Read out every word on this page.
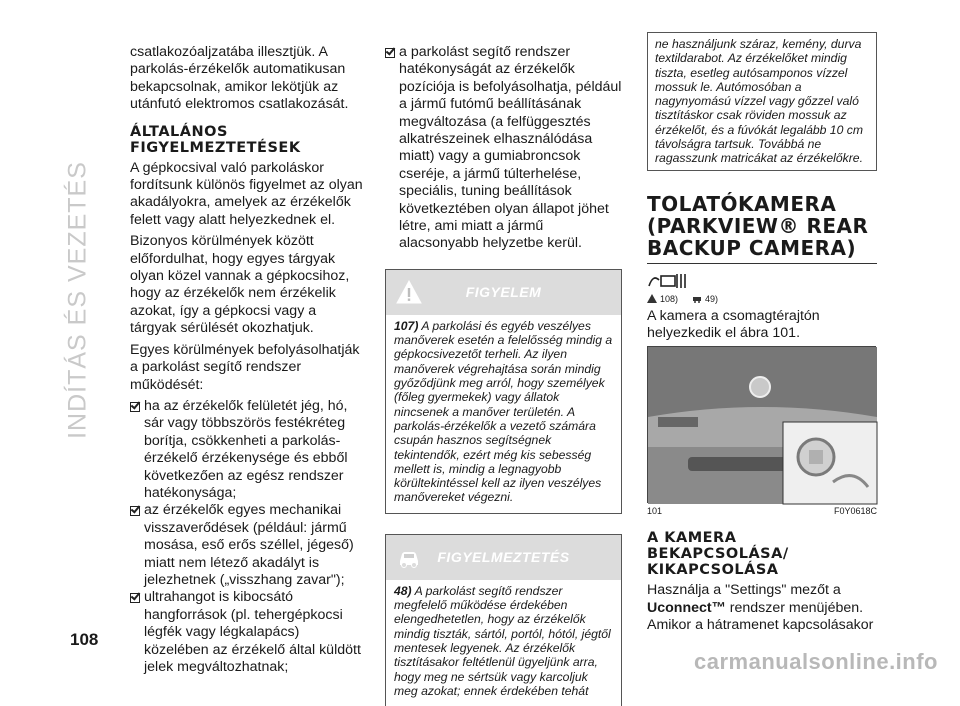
INDÍTÁS ÉS VEZETÉS

csatlakozóaljzatába illesztjük. A parkolás-érzékelők automatikusan bekapcsolnak, amikor lekötjük az utánfutó elektromos csatlakozását.

ÁLTALÁNOS FIGYELMEZTETÉSEK

A gépkocsival való parkoláskor fordítsunk különös figyelmet az olyan akadályokra, amelyek az érzékelők felett vagy alatt helyezkednek el.

Bizonyos körülmények között előfordulhat, hogy egyes tárgyak olyan közel vannak a gépkocsihoz, hogy az érzékelők nem érzékelik azokat, így a gépkocsi vagy a tárgyak sérülését okozhatjuk.

Egyes körülmények befolyásolhatják a parkolást segítő rendszer működését:

ha az érzékelők felületét jég, hó, sár vagy többszörös festékréteg borítja, csökkenheti a parkolás-érzékelő érzékenysége és ebből következően az egész rendszer hatékonysága;

az érzékelők egyes mechanikai visszaverődések (például: jármű mosása, eső erős széllel, jégeső) miatt nem létező akadályt is jelezhetnek („visszhang zavar");

ultrahangot is kibocsátó hangforrások (pl. tehergépkocsi légfék vagy légkalapács) közelében az érzékelő által küldött jelek megváltozhatnak;

a parkolást segítő rendszer hatékonyságát az érzékelők pozíciója is befolyásolhatja, például a jármű futómű beállításának megváltozása (a felfüggesztés alkatrészeinek elhasználódása miatt) vagy a gumiabroncsok cseréje, a jármű túlterhelése, speciális, tuning beállítások következtében olyan állapot jöhet létre, ami miatt a jármű alacsonyabb helyzetbe kerül.

FIGYELEM
107) A parkolási és egyéb veszélyes manőverek esetén a felelősség mindig a gépkocsivezetőt terheli. Az ilyen manőverek végrehajtása során mindig győződjünk meg arról, hogy személyek (főleg gyermekek) vagy állatok nincsenek a manőver területén. A parkolás-érzékelők a vezető számára csupán hasznos segítségnek tekintendők, ezért még kis sebesség mellett is, mindig a legnagyobb körültekintéssel kell az ilyen veszélyes manővereket végezni.
FIGYELMEZTETÉS
48) A parkolást segítő rendszer megfelelő működése érdekében elengedhetetlen, hogy az érzékelők mindig tiszták, sártól, portól, hótól, jégtől mentesek legyenek. Az érzékelők tisztításakor feltétlenül ügyeljünk arra, hogy meg ne sértsük vagy karcoljuk meg azokat; ennek érdekében tehát
ne használjunk száraz, kemény, durva textildarabot. Az érzékelőket mindig tiszta, esetleg autósamponos vízzel mossuk le. Autómosóban a nagynyomású vízzel vagy gőzzel való tisztításkor csak röviden mossuk az érzékelőt, és a fúvókát legalább 10 cm távolságra tartsuk. Továbbá ne ragasszunk matricákat az érzékelőkre.
TOLATÓKAMERA (PARKVIEW® REAR BACKUP CAMERA)
108)	49)

A kamera a csomagtérajtón helyezkedik el ábra 101.

101	F0Y0618C
A KAMERA BEKAPCSOLÁSA/ KIKAPCSOLÁSA

Használja a "Settings" mezőt a Uconnect™ rendszer menüjében. Amikor a hátramenet kapcsolásakor

108
carmanualsonline.info
